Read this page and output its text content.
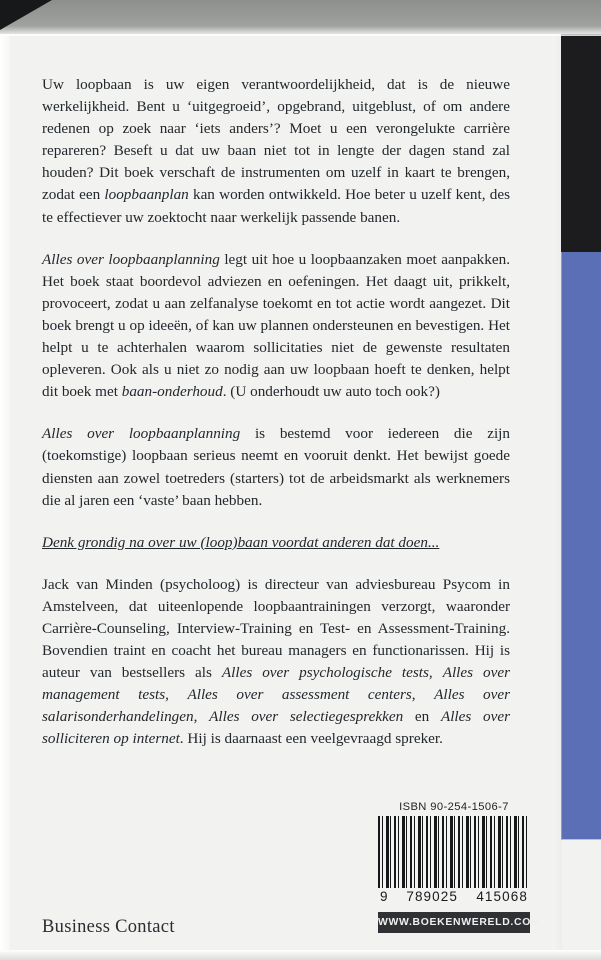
Uw loopbaan is uw eigen verantwoordelijkheid, dat is de nieuwe werkelijkheid. Bent u ‘uitgegroeid’, opgebrand, uitgeblust, of om andere redenen op zoek naar ‘iets anders’? Moet u een verongelukte carrière repareren? Beseft u dat uw baan niet tot in lengte der dagen stand zal houden? Dit boek verschaft de instrumenten om uzelf in kaart te brengen, zodat een loopbaanplan kan worden ontwikkeld. Hoe beter u uzelf kent, des te effectiever uw zoektocht naar werkelijk passende banen.

Alles over loopbaanplanning legt uit hoe u loopbaanzaken moet aanpakken. Het boek staat boordevol adviezen en oefeningen. Het daagt uit, prikkelt, provoceert, zodat u aan zelfanalyse toekomt en tot actie wordt aangezet. Dit boek brengt u op ideeën, of kan uw plannen ondersteunen en bevestigen. Het helpt u te achterhalen waarom sollicitaties niet de gewenste resultaten opleveren. Ook als u niet zo nodig aan uw loopbaan hoeft te denken, helpt dit boek met baan-onderhoud. (U onderhoudt uw auto toch ook?)

Alles over loopbaanplanning is bestemd voor iedereen die zijn (toekomstige) loopbaan serieus neemt en vooruit denkt. Het bewijst goede diensten aan zowel toetreders (starters) tot de arbeidsmarkt als werknemers die al jaren een ‘vaste’ baan hebben.

Denk grondig na over uw (loop)baan voordat anderen dat doen...

Jack van Minden (psycholoog) is directeur van adviesbureau Psycom in Amstelveen, dat uiteenlopende loopbaantrainingen verzorgt, waaronder Carrière-Counseling, Interview-Training en Test- en Assessment-Training. Bovendien traint en coacht het bureau managers en functionarissen. Hij is auteur van bestsellers als Alles over psychologische tests, Alles over management tests, Alles over assessment centers, Alles over salarisonderhandelingen, Alles over selectiegesprekken en Alles over solliciteren op internet. Hij is daarnaast een veelgevraagd spreker.

Business Contact
ISBN 90-254-1506-7
9 789025 415068
WWW.BOEKENWERELD.COM
